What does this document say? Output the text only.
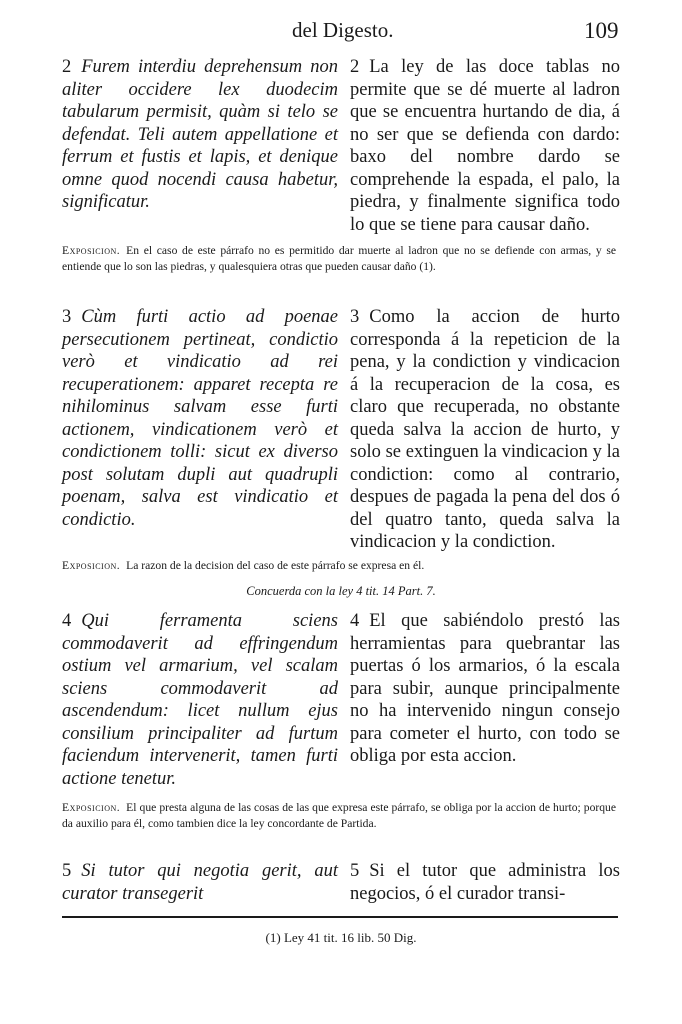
del Digesto.	109
2 Furem interdiu deprehensum non aliter occidere lex duodecim tabularum permisit, quàm si telo se defendat. Teli autem appellatione et ferrum et fustis et lapis, et denique omne quod nocendi causa habetur, significatur.
2 La ley de las doce tablas no permite que se dé muerte al ladron que se encuentra hurtando de dia, á no ser que se defienda con dardo: baxo del nombre dardo se comprehende la espada, el palo, la piedra, y finalmente significa todo lo que se tiene para causar daño.
Exposicion. En el caso de este párrafo no es permitido dar muerte al ladron que no se defiende con armas, y se entiende que lo son las piedras, y qualesquiera otras que pueden causar daño (1).
3 Cùm furti actio ad poenae persecutionem pertineat, condictio verò et vindicatio ad rei recuperationem: apparet recepta re nihilominus salvam esse furti actionem, vindicationem verò et condictionem tolli: sicut ex diverso post solutam dupli aut quadrupli poenam, salva est vindicatio et condictio.
3 Como la accion de hurto corresponda á la repeticion de la pena, y la condiction y vindicacion á la recuperacion de la cosa, es claro que recuperada, no obstante queda salva la accion de hurto, y solo se extinguen la vindicacion y la condiction: como al contrario, despues de pagada la pena del dos ó del quatro tanto, queda salva la vindicacion y la condiction.
Exposicion. La razon de la decision del caso de este párrafo se expresa en él.
Concuerda con la ley 4 tit. 14 Part. 7.
4 Qui ferramenta sciens commodaverit ad effringendum ostium vel armarium, vel scalam sciens commodaverit ad ascendendum: licet nullum ejus consilium principaliter ad furtum faciendum intervenerit, tamen furti actione tenetur.
4 El que sabiéndolo prestó las herramientas para quebrantar las puertas ó los armarios, ó la escala para subir, aunque principalmente no ha intervenido ningun consejo para cometer el hurto, con todo se obliga por esta accion.
Exposicion. El que presta alguna de las cosas de las que expresa este párrafo, se obliga por la accion de hurto; porque da auxilio para él, como tambien dice la ley concordante de Partida.
5 Si tutor qui negotia gerit, aut curator transegerit
5 Si el tutor que administra los negocios, ó el curador transi-
(1) Ley 41 tit. 16 lib. 50 Dig.
